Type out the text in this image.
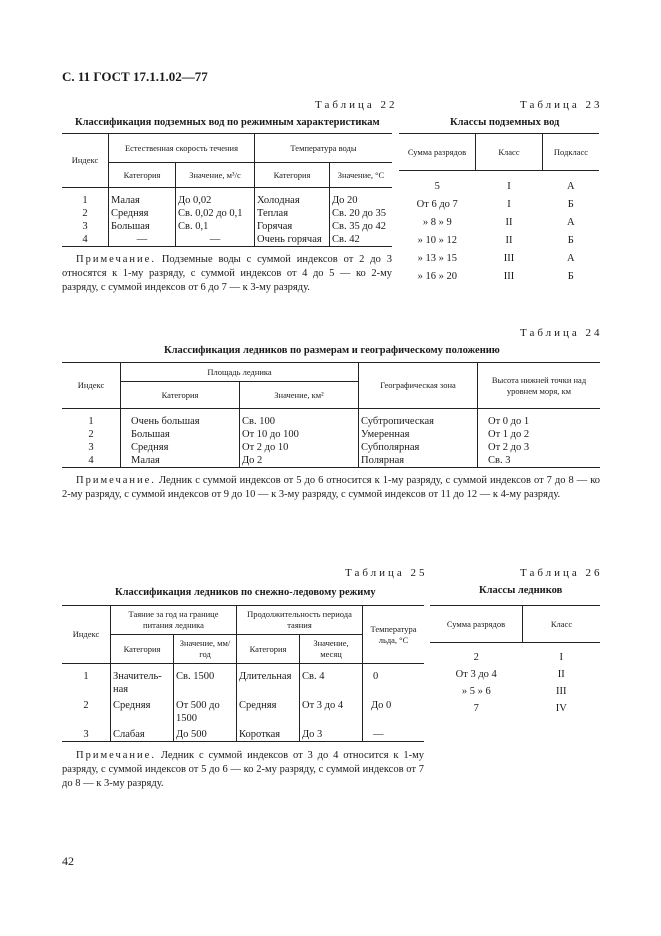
С. 11 ГОСТ 17.1.1.02—77
Таблица 22
Классификация подземных вод по режимным характеристикам
Индекс	Естественная скорость течения		Температура воды	
	Категория	Значение, м³/с	Категория	Значение, °С

1	Малая	До 0,02	Холодная	До 20
2	Средняя	Св. 0,02 до 0,1	Теплая	Св. 20 до 35
3	Большая	Св. 0,1	Горячая	Св. 35 до 42
4	—	—	Очень горячая	Св. 42
Таблица 23
Классы подземных вод
Сумма разрядов	Класс	Подкласс

5	I	А
От 6 до 7	I	Б
» 8 » 9	II	А
» 10 » 12	II	Б
» 13 » 15	III	А
» 16 » 20	III	Б
Примечание. Подземные воды с суммой индексов от 2 до 3 относятся к 1-му разряду, с суммой индексов от 4 до 5 — ко 2-му разряду, с суммой индексов от 6 до 7 — к 3-му разряду.
Таблица 24
Классификация ледников по размерам и географическому положению
Индекс	Площадь ледника		Географическая зона	Высота нижней точки над уровнем моря, км
	Категория	Значение, км²		

1	Очень большая	Св. 100	Субтропическая	От 0 до 1
2	Большая	От 10 до 100	Умеренная	От 1 до 2
3	Средняя	От 2 до 10	Субполярная	От 2 до 3
4	Малая	До 2	Полярная	Св. 3
Примечание. Ледник с суммой индексов от 5 до 6 относится к 1-му разряду, с суммой индексов от 7 до 8 — ко 2-му разряду, с суммой индексов от 9 до 10 — к 3-му разряду, с суммой индексов от 11 до 12 — к 4-му разряду.
Таблица 25
Классификация ледников по снежно-ледовому режиму
Индекс	Таяние за год на границе питания ледника		Продолжительность периода таяния		Температура льда, °С
	Категория	Значение, мм/год	Категория	Значение, месяц	

1	Значитель-ная	Св. 1500	Длительная	Св. 4	0

2	Средняя	От 500 до 1500	Средняя	От 3 до 4	До 0

3	Слабая	До 500	Короткая	До 3	—
Таблица 26
Классы ледников
Сумма разрядов	Класс

2	I
От 3 до 4	II
» 5 » 6	III
7	IV
Примечание. Ледник с суммой индексов от 3 до 4 относится к 1-му разряду, с суммой индексов от 5 до 6 — ко 2-му разряду, с суммой индексов от 7 до 8 — к 3-му разряду.
42
